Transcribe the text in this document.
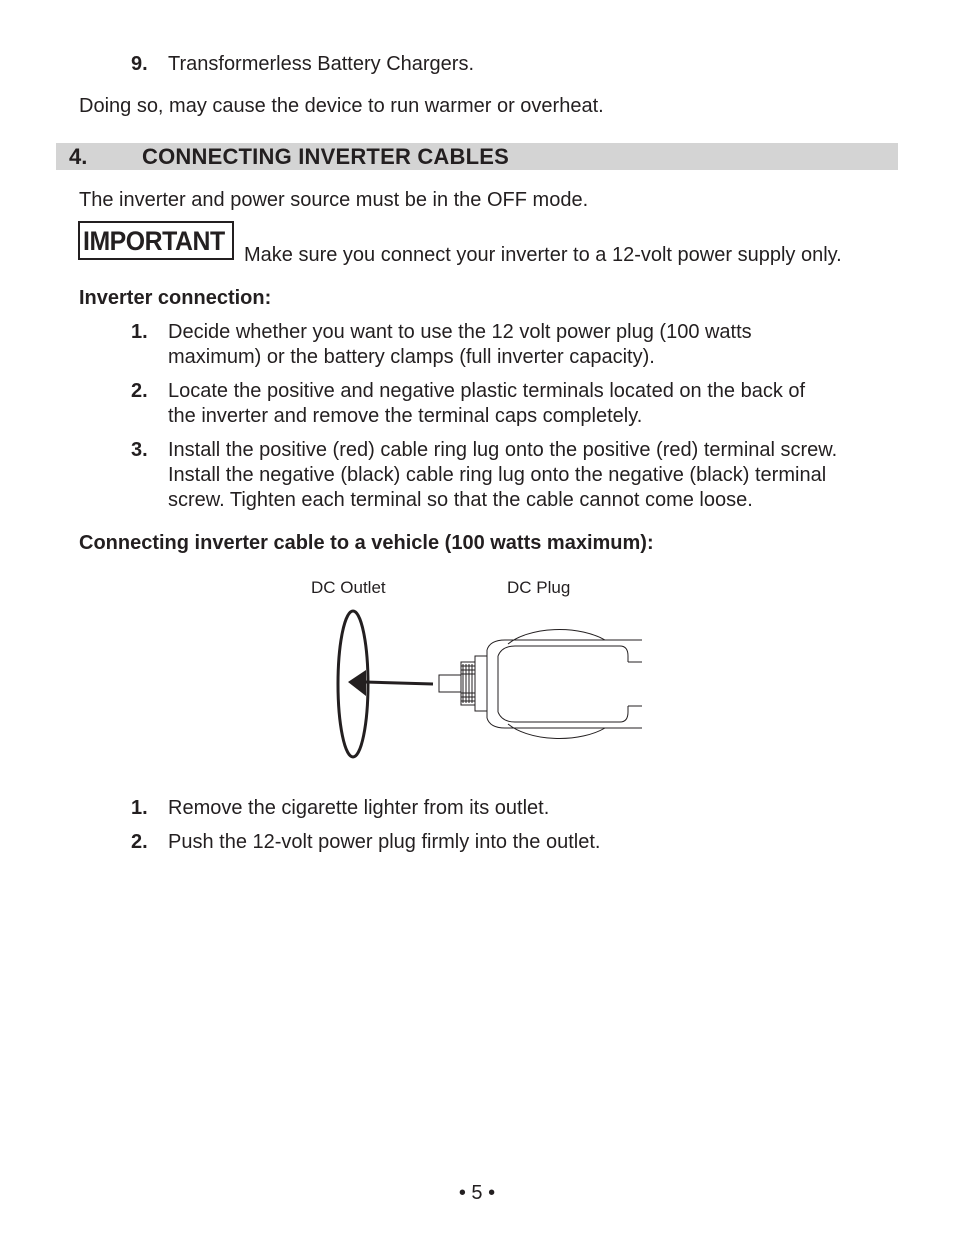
9. Transformerless Battery Chargers.
Doing so, may cause the device to run warmer or overheat.
4. CONNECTING INVERTER CABLES
The inverter and power source must be in the OFF mode.
IMPORTANT Make sure you connect your inverter to a 12-volt power supply only.
Inverter connection:
1. Decide whether you want to use the 12 volt power plug (100 watts
maximum) or the battery clamps (full inverter capacity).
2. Locate the positive and negative plastic terminals located on the back of
the inverter and remove the terminal caps completely.
3. Install the positive (red) cable ring lug onto the positive (red) terminal screw.
Install the negative (black) cable ring lug onto the negative (black) terminal
screw. Tighten each terminal so that the cable cannot come loose.
Connecting inverter cable to a vehicle (100 watts maximum):
DC Outlet	DC Plug
1. Remove the cigarette lighter from its outlet.
2. Push the 12-volt power plug firmly into the outlet.
• 5 •
